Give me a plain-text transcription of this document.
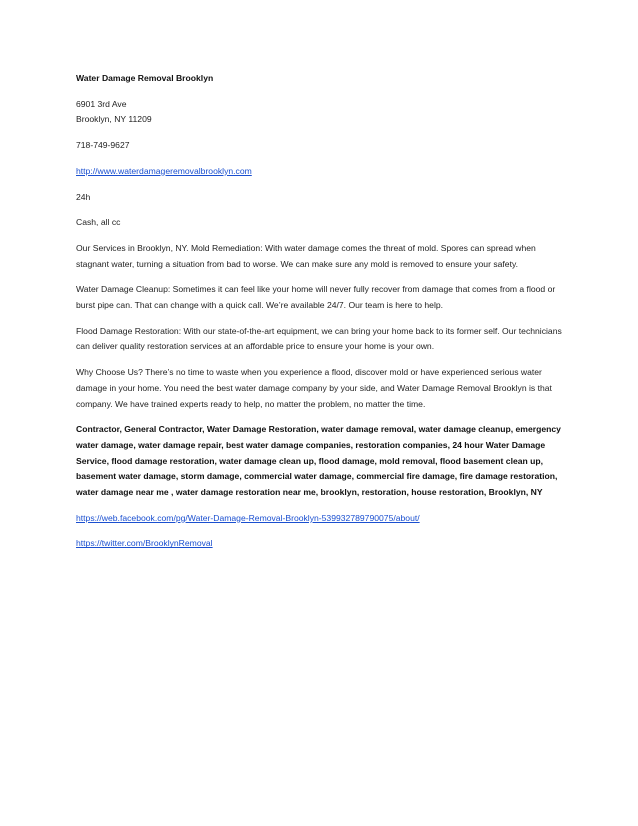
Water Damage Removal Brooklyn

6901 3rd Ave
Brooklyn, NY 11209

718-749-9627

http://www.waterdamageremovalbrooklyn.com

24h

Cash, all cc

Our Services in Brooklyn, NY. Mold Remediation: With water damage comes the threat of mold. Spores can spread when stagnant water, turning a situation from bad to worse. We can make sure any mold is removed to ensure your safety.

Water Damage Cleanup: Sometimes it can feel like your home will never fully recover from damage that comes from a flood or burst pipe can. That can change with a quick call. We’re available 24/7. Our team is here to help.

Flood Damage Restoration: With our state-of-the-art equipment, we can bring your home back to its former self. Our technicians can deliver quality restoration services at an affordable price to ensure your home is your own.

Why Choose Us? There’s no time to waste when you experience a flood, discover mold or have experienced serious water damage in your home. You need the best water damage company by your side, and Water Damage Removal Brooklyn is that company. We have trained experts ready to help, no matter the problem, no matter the time.

Contractor, General Contractor, Water Damage Restoration, water damage removal, water damage cleanup, emergency water damage, water damage repair, best water damage companies, restoration companies, 24 hour Water Damage Service, flood damage restoration, water damage clean up, flood damage, mold removal, flood basement clean up, basement water damage, storm damage, commercial water damage, commercial fire damage, fire damage restoration, water damage near me , water damage restoration near me, brooklyn, restoration, house restoration, Brooklyn, NY

https://web.facebook.com/pg/Water-Damage-Removal-Brooklyn-539932789790075/about/

https://twitter.com/BrooklynRemoval
